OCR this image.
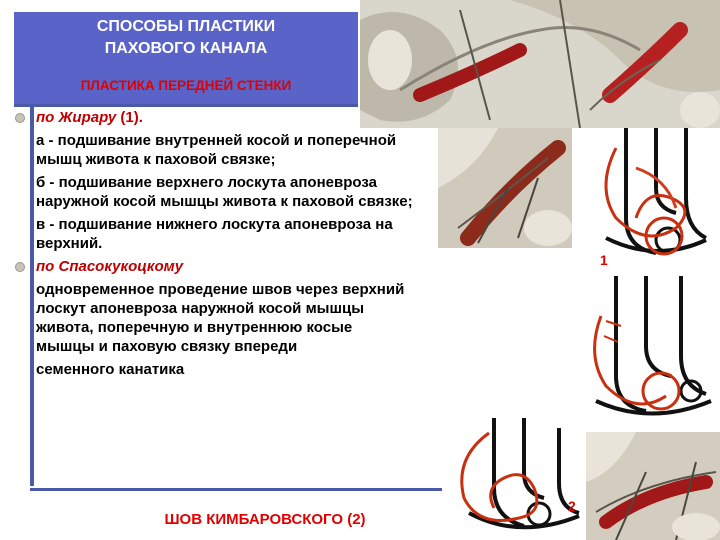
СПОСОБЫ ПЛАСТИКИ
ПАХОВОГО КАНАЛА
ПЛАСТИКА ПЕРЕДНЕЙ СТЕНКИ
по Жирару (1).
а - подшивание внутренней косой и поперечной мышц живота к паховой связке;
б - подшивание верхнего лоскута апоневроза наружной косой мышцы живота к паховой связке;
в - подшивание нижнего лоскута апоневроза на верхний.
по Спасокукоцкому
одновременное проведение швов через верхний лоскут апоневроза наружной косой мышцы живота, поперечную и внутреннюю косые мышцы и паховую связку впереди
семенного канатика
1
2
ШОВ КИМБАРОВСКОГО (2)
